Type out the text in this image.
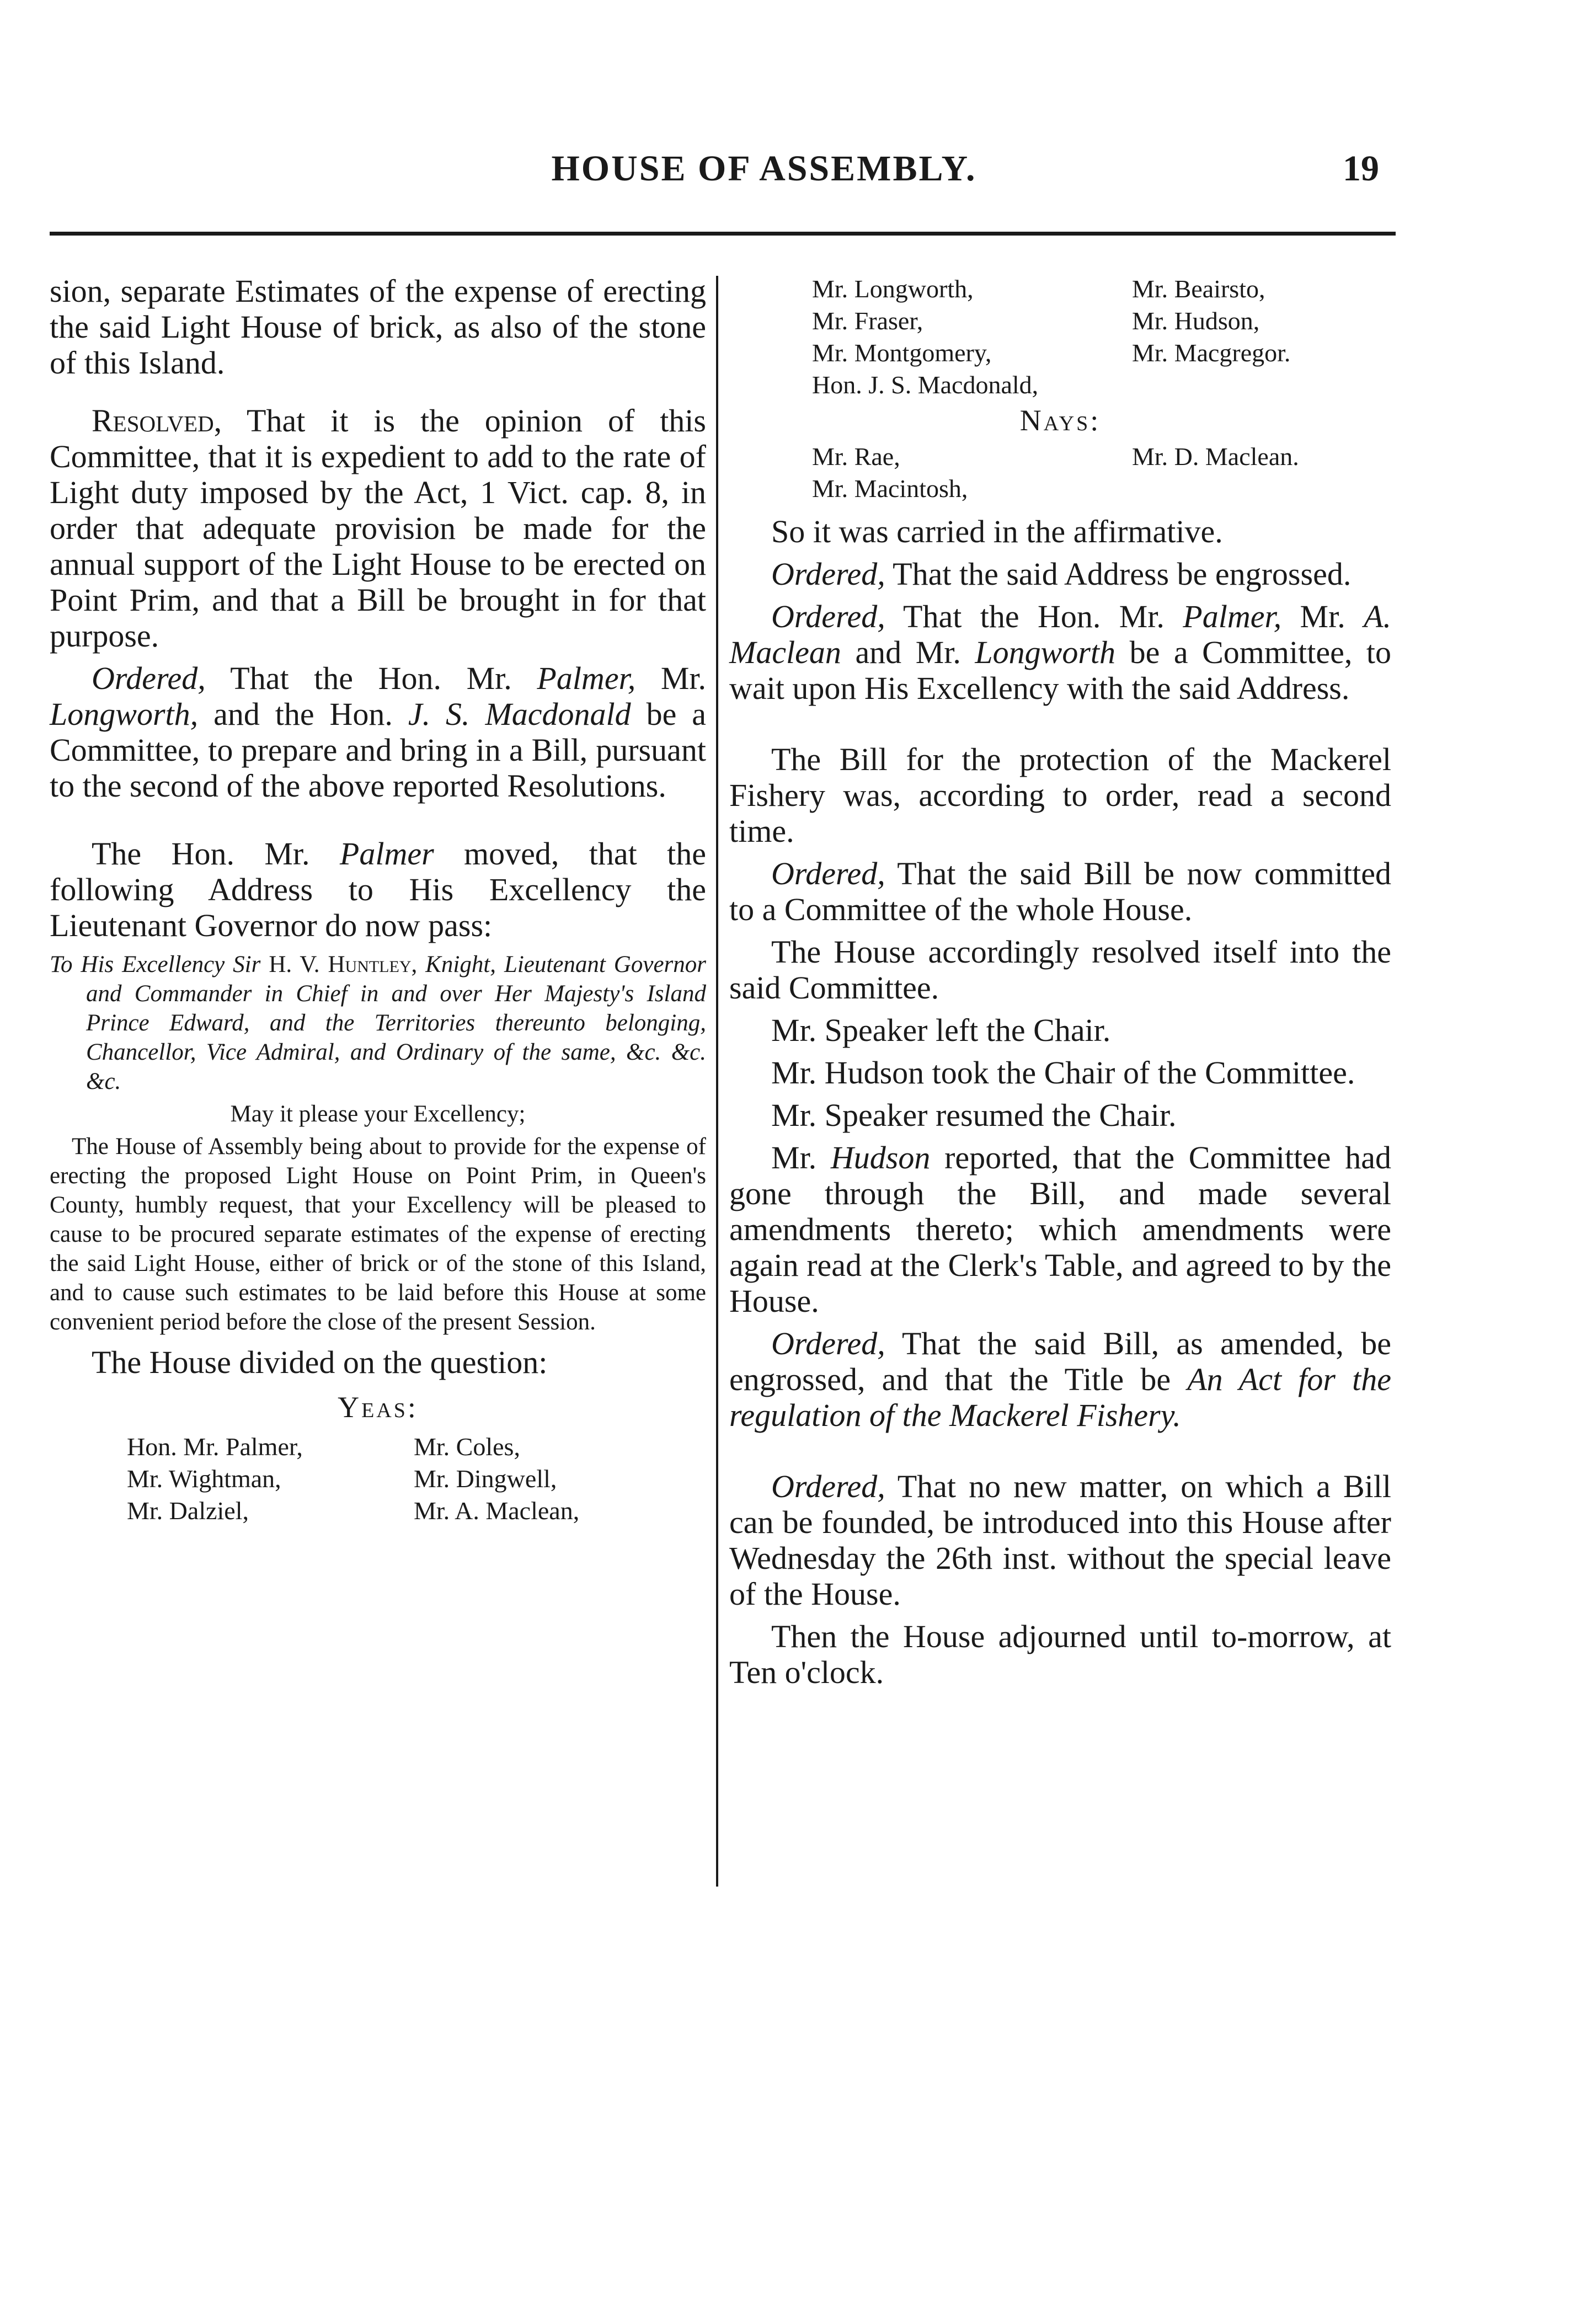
HOUSE OF ASSEMBLY.	19

sion, separate Estimates of the expense of erecting the said Light House of brick, as also of the stone of this Island.

Resolved, That it is the opinion of this Committee, that it is expedient to add to the rate of Light duty imposed by the Act, 1 Vict. cap. 8, in order that adequate provision be made for the annual support of the Light House to be erected on Point Prim, and that a Bill be brought in for that purpose.

Ordered, That the Hon. Mr. Palmer, Mr. Longworth, and the Hon. J. S. Macdonald be a Committee, to prepare and bring in a Bill, pursuant to the second of the above reported Resolutions.

The Hon. Mr. Palmer moved, that the following Address to His Excellency the Lieutenant Governor do now pass:

To His Excellency Sir H. V. Huntley, Knight, Lieutenant Governor and Commander in Chief in and over Her Majesty's Island Prince Edward, and the Territories thereunto belonging, Chancellor, Vice Admiral, and Ordinary of the same, &c. &c. &c.

May it please your Excellency;

The House of Assembly being about to provide for the expense of erecting the proposed Light House on Point Prim, in Queen's County, humbly request, that your Excellency will be pleased to cause to be procured separate estimates of the expense of erecting the said Light House, either of brick or of the stone of this Island, and to cause such estimates to be laid before this House at some convenient period before the close of the present Session.

The House divided on the question:

Yeas:

Hon. Mr. Palmer,	Mr. Coles,
Mr. Wightman,	Mr. Dingwell,
Mr. Dalziel,	Mr. A. Maclean,
Mr. Longworth,	Mr. Beairsto,
Mr. Fraser,	Mr. Hudson,
Mr. Montgomery,	Mr. Macgregor.
Hon. J. S. Macdonald,	

Nays:

Mr. Rae,	Mr. D. Maclean.
Mr. Macintosh,	

So it was carried in the affirmative.

Ordered, That the said Address be engrossed.

Ordered, That the Hon. Mr. Palmer, Mr. A. Maclean and Mr. Longworth be a Committee, to wait upon His Excellency with the said Address.

The Bill for the protection of the Mackerel Fishery was, according to order, read a second time.

Ordered, That the said Bill be now committed to a Committee of the whole House.

The House accordingly resolved itself into the said Committee.

Mr. Speaker left the Chair.

Mr. Hudson took the Chair of the Committee.

Mr. Speaker resumed the Chair.

Mr. Hudson reported, that the Committee had gone through the Bill, and made several amendments thereto; which amendments were again read at the Clerk's Table, and agreed to by the House.

Ordered, That the said Bill, as amended, be engrossed, and that the Title be An Act for the regulation of the Mackerel Fishery.

Ordered, That no new matter, on which a Bill can be founded, be introduced into this House after Wednesday the 26th inst. without the special leave of the House.

Then the House adjourned until to-morrow, at Ten o'clock.
